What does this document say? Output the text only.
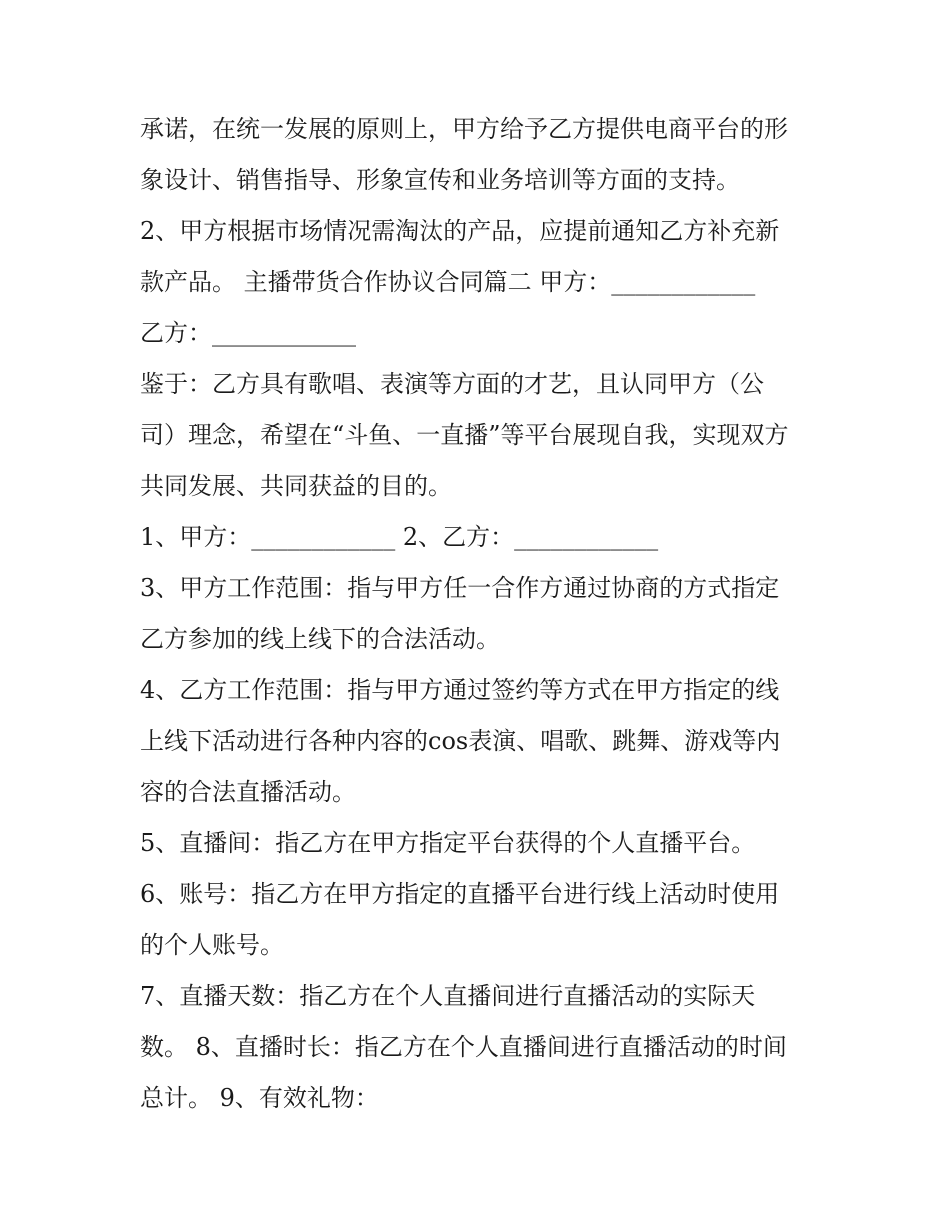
承诺，在统一发展的原则上，甲方给予乙方提供电商平台的形
象设计、销售指导、形象宣传和业务培训等方面的支持。
2、甲方根据市场情况需淘汰的产品，应提前通知乙方补充新
款产品。 主播带货合作协议合同篇二 甲方：____________
乙方：____________
鉴于：乙方具有歌唱、表演等方面的才艺，且认同甲方（公
司）理念，希望在“斗鱼、一直播”等平台展现自我，实现双方
共同发展、共同获益的目的。
1、甲方：____________ 2、乙方：____________
3、甲方工作范围：指与甲方任一合作方通过协商的方式指定
乙方参加的线上线下的合法活动。
4、乙方工作范围：指与甲方通过签约等方式在甲方指定的线
上线下活动进行各种内容的cos表演、唱歌、跳舞、游戏等内
容的合法直播活动。
5、直播间：指乙方在甲方指定平台获得的个人直播平台。
6、账号：指乙方在甲方指定的直播平台进行线上活动时使用
的个人账号。
7、直播天数：指乙方在个人直播间进行直播活动的实际天
数。 8、直播时长：指乙方在个人直播间进行直播活动的时间
总计。 9、有效礼物：
